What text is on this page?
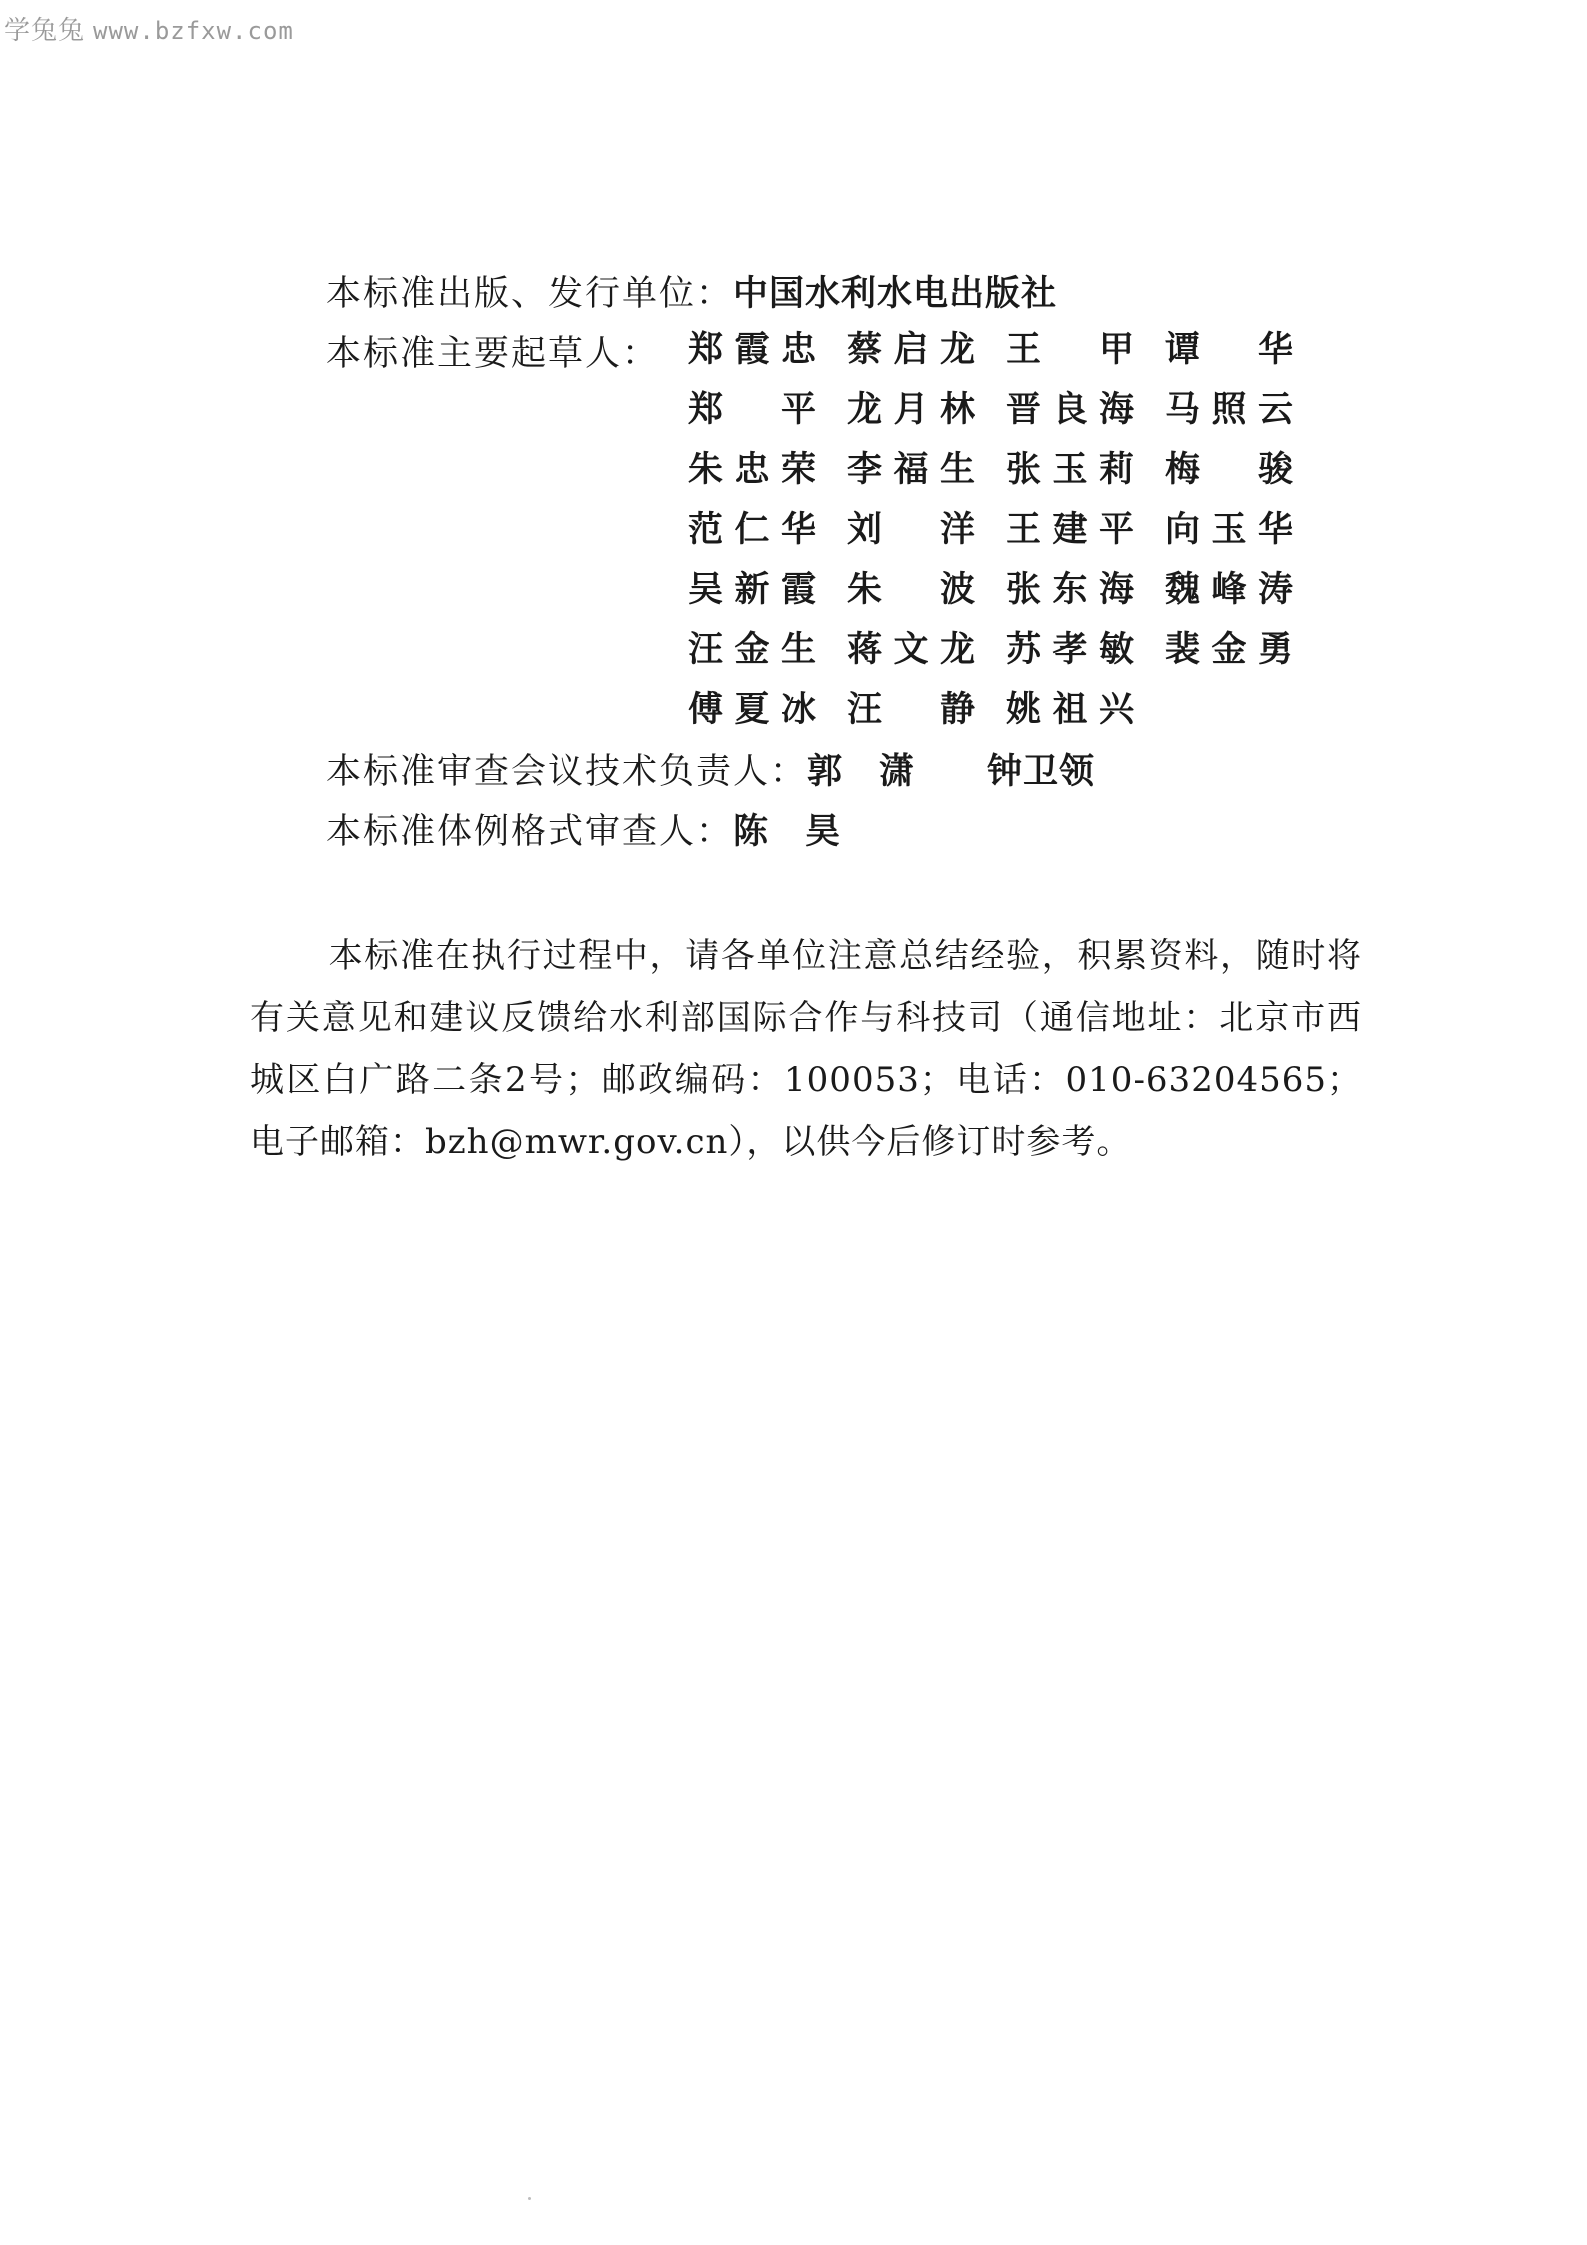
学兔兔 www.bzfxw.com
本标准出版、发行单位：中国水利水电出版社
本标准主要起草人：
本标准审查会议技术负责人：郭　潇　　钟卫领
本标准体例格式审查人：陈　昊
郑 霞 忠 蔡 启 龙 王 甲 谭 华
郑 平 龙 月 林 晋 良 海 马 照 云
朱 忠 荣 李 福 生 张 玉 莉 梅 骏
范 仁 华 刘 洋 王 建 平 向 玉 华
吴 新 霞 朱 波 张 东 海 魏 峰 涛
汪 金 生 蒋 文 龙 苏 孝 敏 裴 金 勇
傅 夏 冰 汪 静 姚 祖 兴
本标准在执行过程中，请各单位注意总结经验，积累资料，随时将有关意见和建议反馈给水利部国际合作与科技司（通信地址：北京市西城区白广路二条2号；邮政编码：100053；电话：010-63204565；电子邮箱：bzh@mwr.gov.cn），以供今后修订时参考。
